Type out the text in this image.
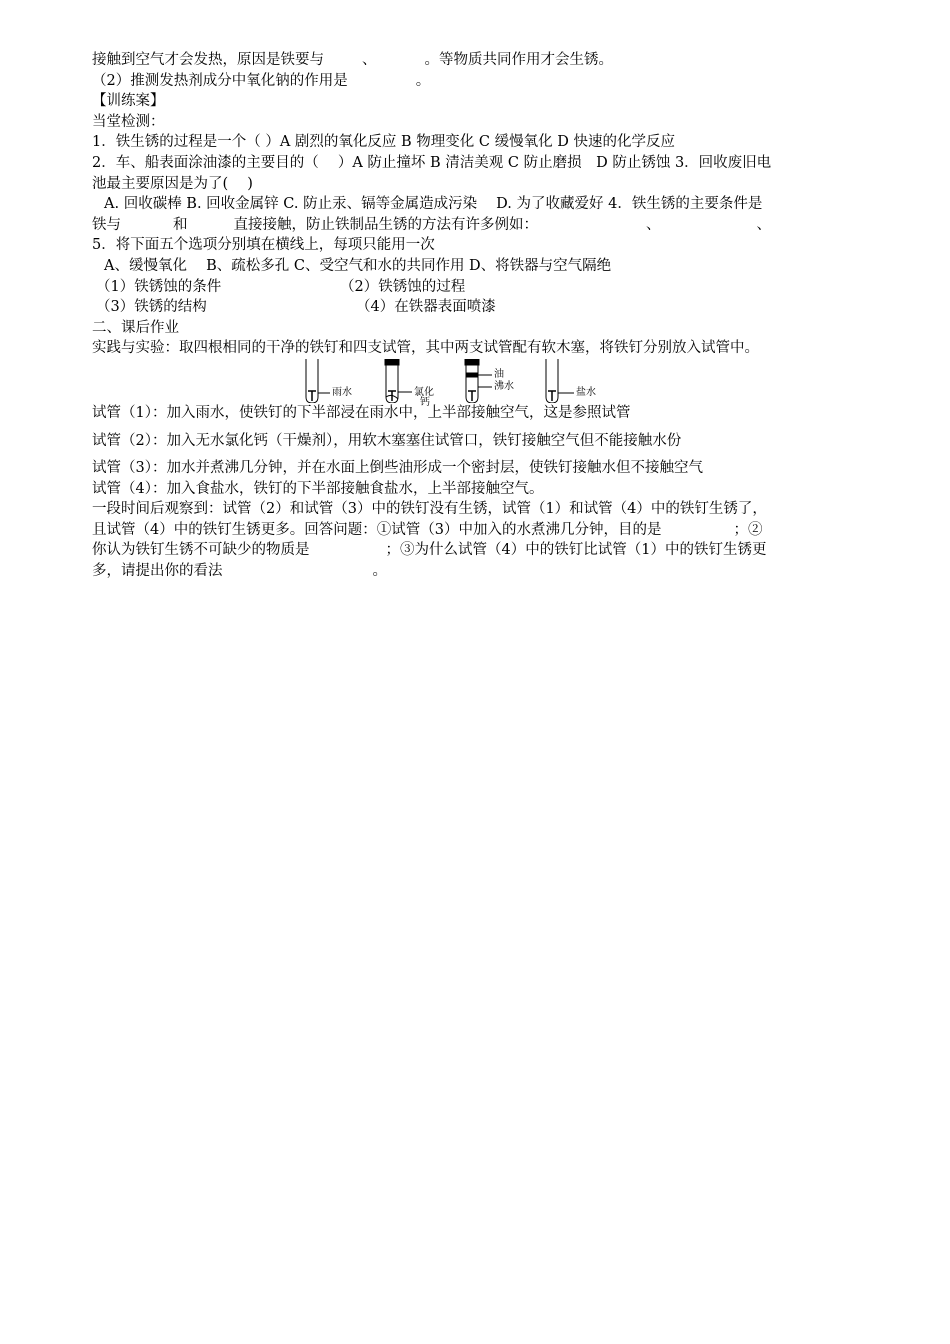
接触到空气才会发热，原因是铁要与	、	。等物质共同作用才会生锈。
（2）推测发热剂成分中氧化钠的作用是	。
【训练案】
当堂检测：
1．铁生锈的过程是一个（ ）A 剧烈的氧化反应 B 物理变化 C 缓慢氧化 D 快速的化学反应
2．车、船表面涂油漆的主要目的（　 ）A 防止撞坏 B 清洁美观 C 防止磨损　D 防止锈蚀 3．回收废旧电
池最主要原因是为了(　 )
A. 回收碳棒 B. 回收金属锌 C. 防止汞、镉等金属造成污染　 D. 为了收藏爱好 4．铁生锈的主要条件是
铁与	和	直接接触，防止铁制品生锈的方法有许多例如：	、	、
5．将下面五个选项分别填在横线上，每项只能用一次
A、缓慢氧化　 B、疏松多孔 C、受空气和水的共同作用 D、将铁器与空气隔绝
（1）铁锈蚀的条件	（2）铁锈蚀的过程
（3）铁锈的结构	（4）在铁器表面喷漆
二、课后作业
实践与实验：取四根相同的干净的铁钉和四支试管，其中两支试管配有软木塞，将铁钉分别放入试管中。
雨水	氯化
钙
油
沸水
盐水
试管（1）：加入雨水，使铁钉的下半部浸在雨水中，上半部接触空气，这是参照试管
试管（2）：加入无水氯化钙（干燥剂），用软木塞塞住试管口，铁钉接触空气但不能接触水份
试管（3）：加水并煮沸几分钟，并在水面上倒些油形成一个密封层，使铁钉接触水但不接触空气
试管（4）：加入食盐水，铁钉的下半部接触食盐水，上半部接触空气。
一段时间后观察到：试管（2）和试管（3）中的铁钉没有生锈，试管（1）和试管（4）中的铁钉生锈了，
且试管（4）中的铁钉生锈更多。回答问题：①试管（3）中加入的水煮沸几分钟，目的是	；②
你认为铁钉生锈不可缺少的物质是	；③为什么试管（4）中的铁钉比试管（1）中的铁钉生锈更
多，请提出你的看法	。
